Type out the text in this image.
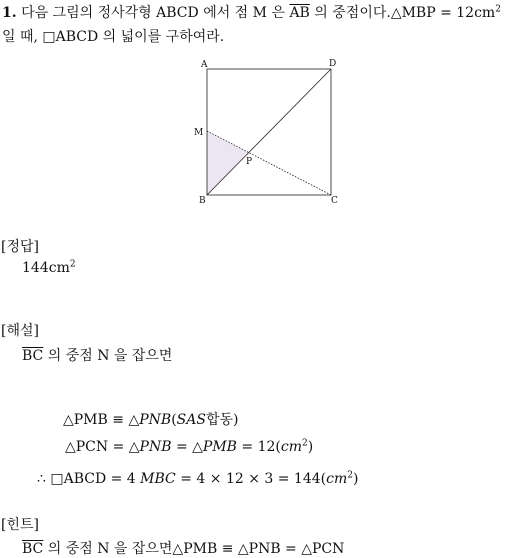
1. 다음 그림의 정사각형 ABCD 에서 점 M 은 $\overline{AB}$ 의 중점이다.△MBP = $12cm^2$
일 때, □ABCD 의 넓이를 구하여라.
A	D
M
P
B	C
[정답]
$144cm^2$
[해설]
$\overline{BC}$ 의 중점 N 을 잡으면
△PMB ≡ △PNB(SAS합동)
△PCN = △PNB = △PMB = $12(cm^2)$
∴ □ABCD = 4 MBC = $4 \times 12 \times 3 = 144(cm^2)$
[힌트]
$\overline{BC}$ 의 중점 N 을 잡으면△PMB ≡ △PNB = △PCN
